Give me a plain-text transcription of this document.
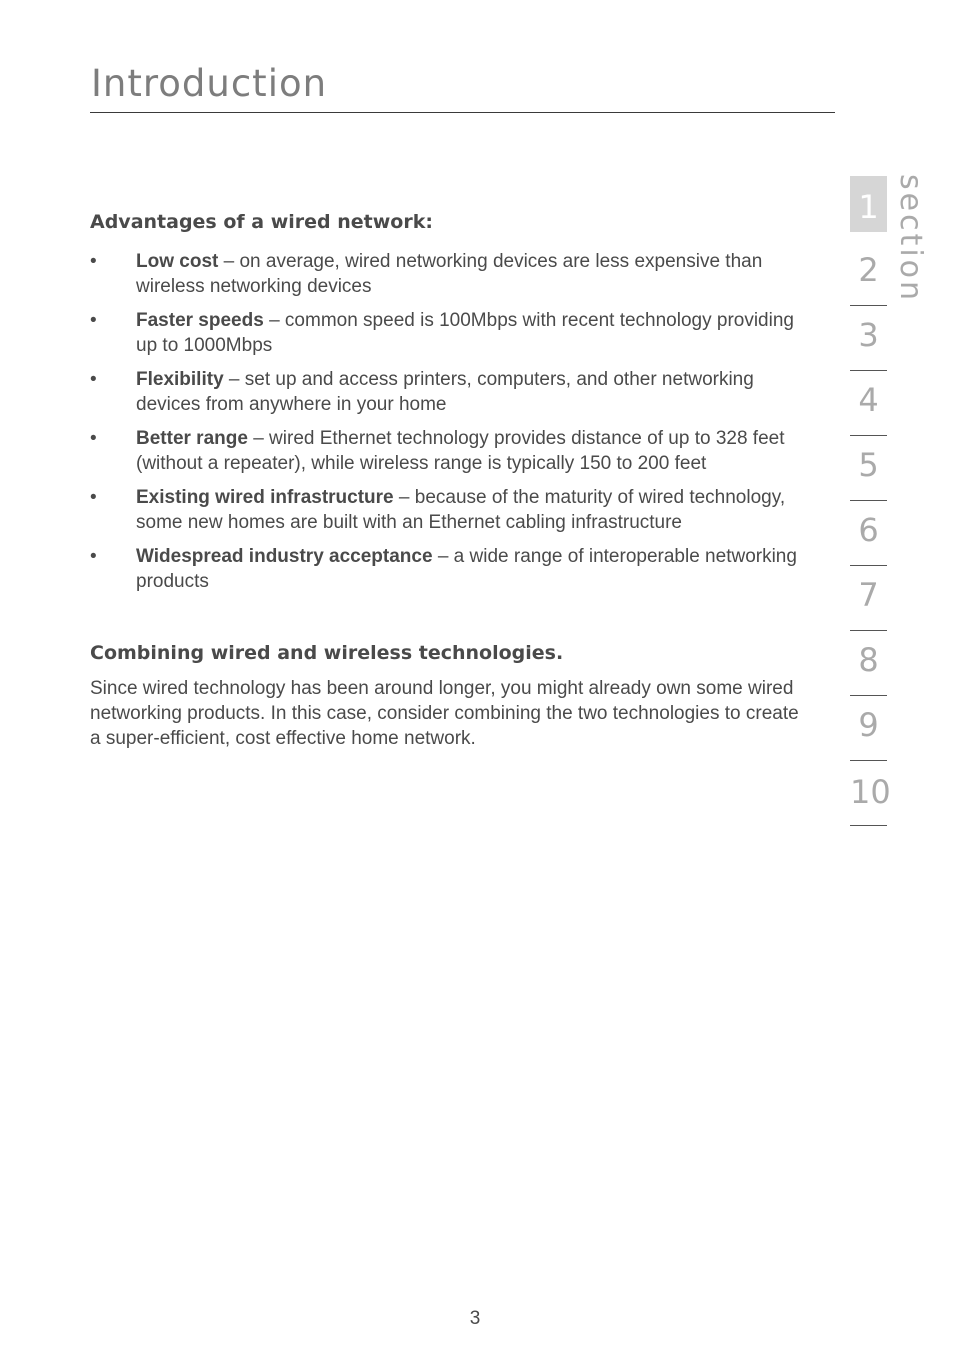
Introduction
Advantages of a wired network:
• Low cost – on average, wired networking devices are less expensive than wireless networking devices
• Faster speeds – common speed is 100Mbps with recent technology providing up to 1000Mbps
• Flexibility – set up and access printers, computers, and other networking devices from anywhere in your home
• Better range – wired Ethernet technology provides distance of up to 328 feet (without a repeater), while wireless range is typically 150 to 200 feet
• Existing wired infrastructure – because of the maturity of wired technology, some new homes are built with an Ethernet cabling infrastructure
• Widespread industry acceptance – a wide range of interoperable networking products
Combining wired and wireless technologies.

Since wired technology has been around longer, you might already own some wired networking products. In this case, consider combining the two technologies to create a super-efficient, cost effective home network.

1
2
3
4
5
6
7
8
9
10
section
3
